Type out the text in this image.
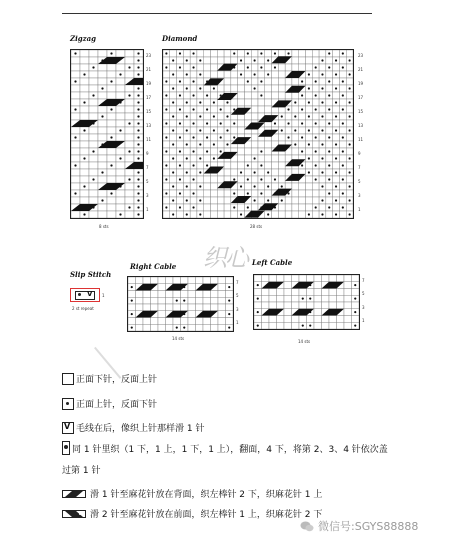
Zigzag
23
21
19
17
15
13
11
9
7
5
3
1
8 sts
Diamond
23
21
19
17
15
13
11
9
7
5
3
1
28 sts
织心
Slip Stitch
V 1
2 st repeat
Right Cable
7
5
3
1
14 sts
Left Cable
7
5
3
1
14 sts
正面下针，反面上针
正面上针，反面下针
V
毛线在后，像织上针那样滑 1 针
同 1 针里织（1 下，1 上，1 下，1 上），翻面，4 下，将第 2、3、4 针依次盖
过第 1 针
滑 1 针至麻花针放在背面，织左棒针 2 下，织麻花针 1 上
滑 2 针至麻花针放在前面，织左棒针 1 上，织麻花针 2 下
微信号:SGYS88888
